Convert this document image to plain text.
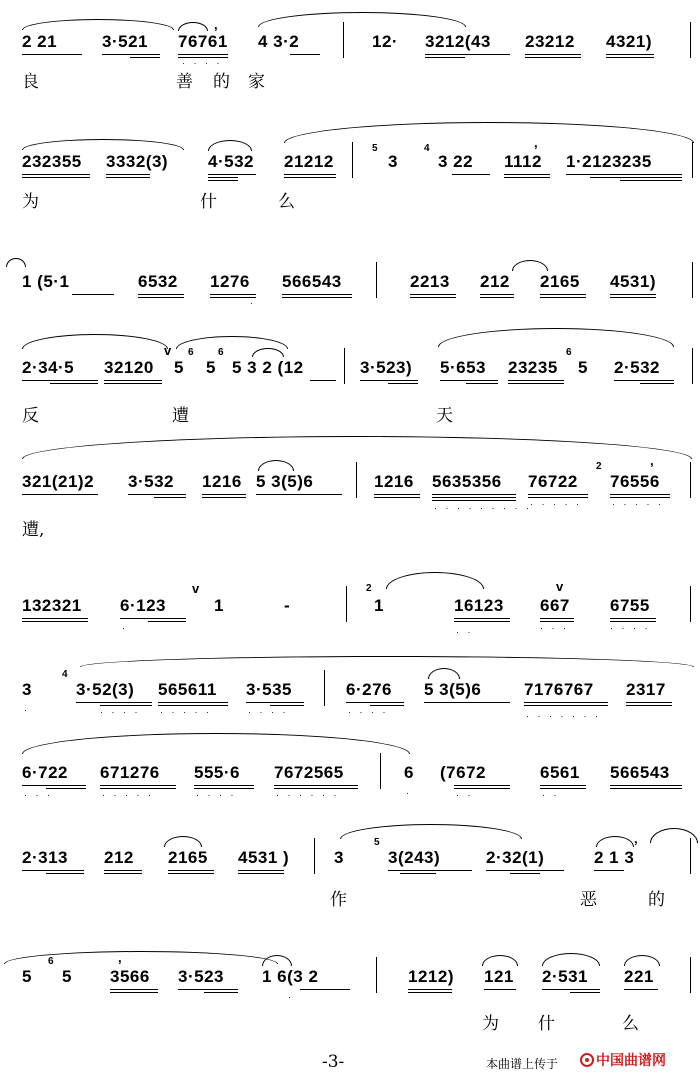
,
2 21	3·521 76761 4 3·2	12· 3212(43 23212 4321)
· · · ·
良	善 的 家
232355 3332(3) 4·532 21212
5
3
4
3 22 1112
,
1·2123235
为	什	么
1 (5·1	6532 1276 566543	2213 212 2165 4531)
·
2·34·5 32120
v
5
6
5
6
5 3 2 (12	3·523) 5·653 23235
6
5 2·532
反	遭	天
321(21)2 3·532 1216 5 3(5)6	1216 5635356 76722
2
76556
,
· · · · · · · · ·
· · · · ·	· · · · ·
遭,
132321 6·123
v
1	-
2
1	16123
v
667 6755
·	· ·	· · ·	· · · ·
3
4
3·52(3) 565611 3·535	6·276 5 3(5)6	7176767 2317
·	· · · · · · · · ·	· · · ·	· · · ·	· · · · · · ·
6·722 671276 555·6 7672565	6 (7672	6561 566543
· · ·	· · · · ·	· · · ·	· · · · · ·	·	· ·	· ·
2·313 212 2165 4531 )	3
5
3(243)	2·32(1)	2 1 3
,
作	恶	的
5
6
5
,
3566 3·523 1 6(3 2	1212) 121 2·531 221
·
为 什	么
-3-	本曲谱上传于	中国曲谱网
